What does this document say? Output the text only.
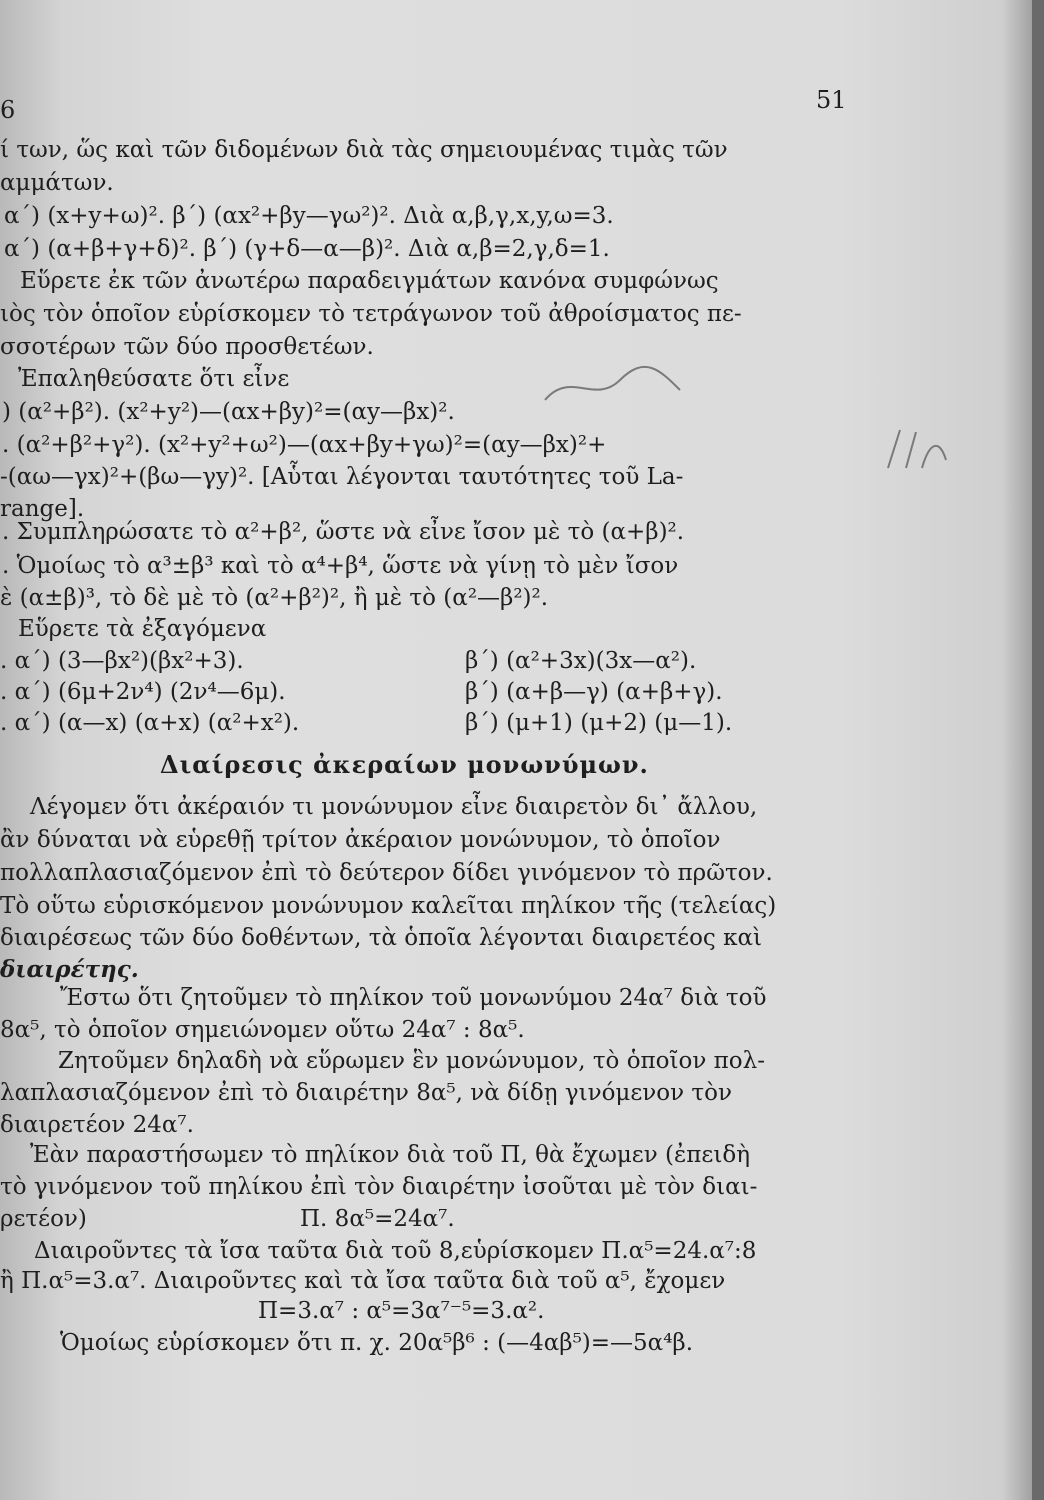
6	51
ί των, ὥς καὶ τῶν διδομένων διὰ τὰς σημειουμένας τιμὰς τῶν
αμμάτων.
α΄) (x+y+ω)². β΄) (αx²+βy—γω²)². Διὰ α,β,γ,x,y,ω=3.
α΄) (α+β+γ+δ)². β΄) (γ+δ—α—β)². Διὰ α,β=2,γ,δ=1.
Εὕρετε ἐκ τῶν ἀνωτέρω παραδειγμάτων κανόνα συμφώνως
ιὸς τὸν ὁποῖον εὑρίσκομεν τὸ τετράγωνον τοῦ ἀθροίσματος πε-
σσοτέρων τῶν δύο προσθετέων.
Ἐπαληθεύσατε ὅτι εἶνε
) (α²+β²). (x²+y²)—(αx+βy)²=(αy—βx)².
. (α²+β²+γ²). (x²+y²+ω²)—(αx+βy+γω)²=(αy—βx)²+
-(αω—γx)²+(βω—γy)². [Αὗται λέγονται ταυτότητες τοῦ La-
range].
. Συμπληρώσατε τὸ α²+β², ὥστε νὰ εἶνε ἴσον μὲ τὸ (α+β)².
. Ὁμοίως τὸ α³±β³ καὶ τὸ α⁴+β⁴, ὥστε νὰ γίνῃ τὸ μὲν ἴσον
ὲ (α±β)³, τὸ δὲ μὲ τὸ (α²+β²)², ἢ μὲ τὸ (α²—β²)².
Εὕρετε τὰ ἐξαγόμενα
. α΄) (3—βx²)(βx²+3).	β΄) (α²+3x)(3x—α²).
. α΄) (6μ+2ν⁴) (2ν⁴—6μ).	β΄) (α+β—γ) (α+β+γ).
. α΄) (α—x) (α+x) (α²+x²).	β΄) (μ+1) (μ+2) (μ—1).
Διαίρεσις ἀκεραίων μονωνύμων.
Λέγομεν ὅτι ἀκέραιόν τι μονώνυμον εἶνε διαιρετὸν δι᾽ ἄλλου,
ἂν δύναται νὰ εὑρεθῇ τρίτον ἀκέραιον μονώνυμον, τὸ ὁποῖον
πολλαπλασιαζόμενον ἐπὶ τὸ δεύτερον δίδει γινόμενον τὸ πρῶτον.
Τὸ οὕτω εὑρισκόμενον μονώνυμον καλεῖται πηλίκον τῆς (τελείας)
διαιρέσεως τῶν δύο δοθέντων, τὰ ὁποῖα λέγονται διαιρετέος καὶ
διαιρέτης.
Ἔστω ὅτι ζητοῦμεν τὸ πηλίκον τοῦ μονωνύμου 24α⁷ διὰ τοῦ
8α⁵, τὸ ὁποῖον σημειώνομεν οὕτω 24α⁷ : 8α⁵.
Ζητοῦμεν δηλαδὴ νὰ εὕρωμεν ἓν μονώνυμον, τὸ ὁποῖον πολ-
λαπλασιαζόμενον ἐπὶ τὸ διαιρέτην 8α⁵, νὰ δίδῃ γινόμενον τὸν
διαιρετέον 24α⁷.
Ἐὰν παραστήσωμεν τὸ πηλίκον διὰ τοῦ Π, θὰ ἔχωμεν (ἐπειδὴ
τὸ γινόμενον τοῦ πηλίκου ἐπὶ τὸν διαιρέτην ἰσοῦται μὲ τὸν διαι-
ρετέον)	Π. 8α⁵=24α⁷.
Διαιροῦντες τὰ ἴσα ταῦτα διὰ τοῦ 8,εὑρίσκομεν Π.α⁵=24.α⁷:8
ἢ Π.α⁵=3.α⁷. Διαιροῦντες καὶ τὰ ἴσα ταῦτα διὰ τοῦ α⁵, ἔχομεν
Π=3.α⁷ : α⁵=3α⁷⁻⁵=3.α².
Ὁμοίως εὑρίσκομεν ὅτι π. χ. 20α⁵β⁶ : (—4αβ⁵)=—5α⁴β.
